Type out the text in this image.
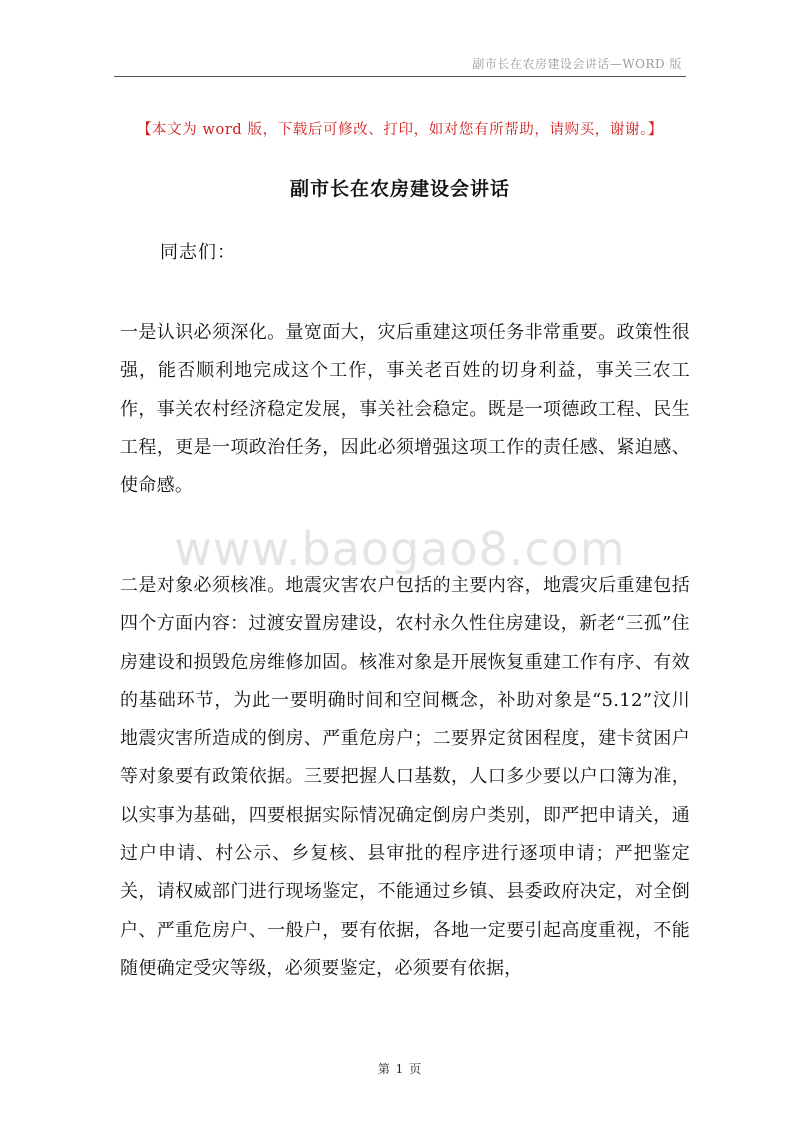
副市长在农房建设会讲话—WORD 版
【本文为 word 版，下载后可修改、打印，如对您有所帮助，请购买，谢谢。】
副市长在农房建设会讲话
同志们：
一是认识必须深化。量宽面大，灾后重建这项任务非常重要。政策性很强，能否顺利地完成这个工作，事关老百姓的切身利益，事关三农工作，事关农村经济稳定发展，事关社会稳定。既是一项德政工程、民生工程，更是一项政治任务，因此必须增强这项工作的责任感、紧迫感、使命感。
www.baogao8.com
二是对象必须核准。地震灾害农户包括的主要内容，地震灾后重建包括四个方面内容：过渡安置房建设，农村永久性住房建设，新老“三孤”住房建设和损毁危房维修加固。核准对象是开展恢复重建工作有序、有效的基础环节，为此一要明确时间和空间概念，补助对象是“5.12”汶川地震灾害所造成的倒房、严重危房户；二要界定贫困程度，建卡贫困户等对象要有政策依据。三要把握人口基数，人口多少要以户口簿为准，以实事为基础，四要根据实际情况确定倒房户类别，即严把申请关，通过户申请、村公示、乡复核、县审批的程序进行逐项申请；严把鉴定关，请权威部门进行现场鉴定，不能通过乡镇、县委政府决定，对全倒户、严重危房户、一般户，要有依据，各地一定要引起高度重视，不能随便确定受灾等级，必须要鉴定，必须要有依据，
第 1 页
